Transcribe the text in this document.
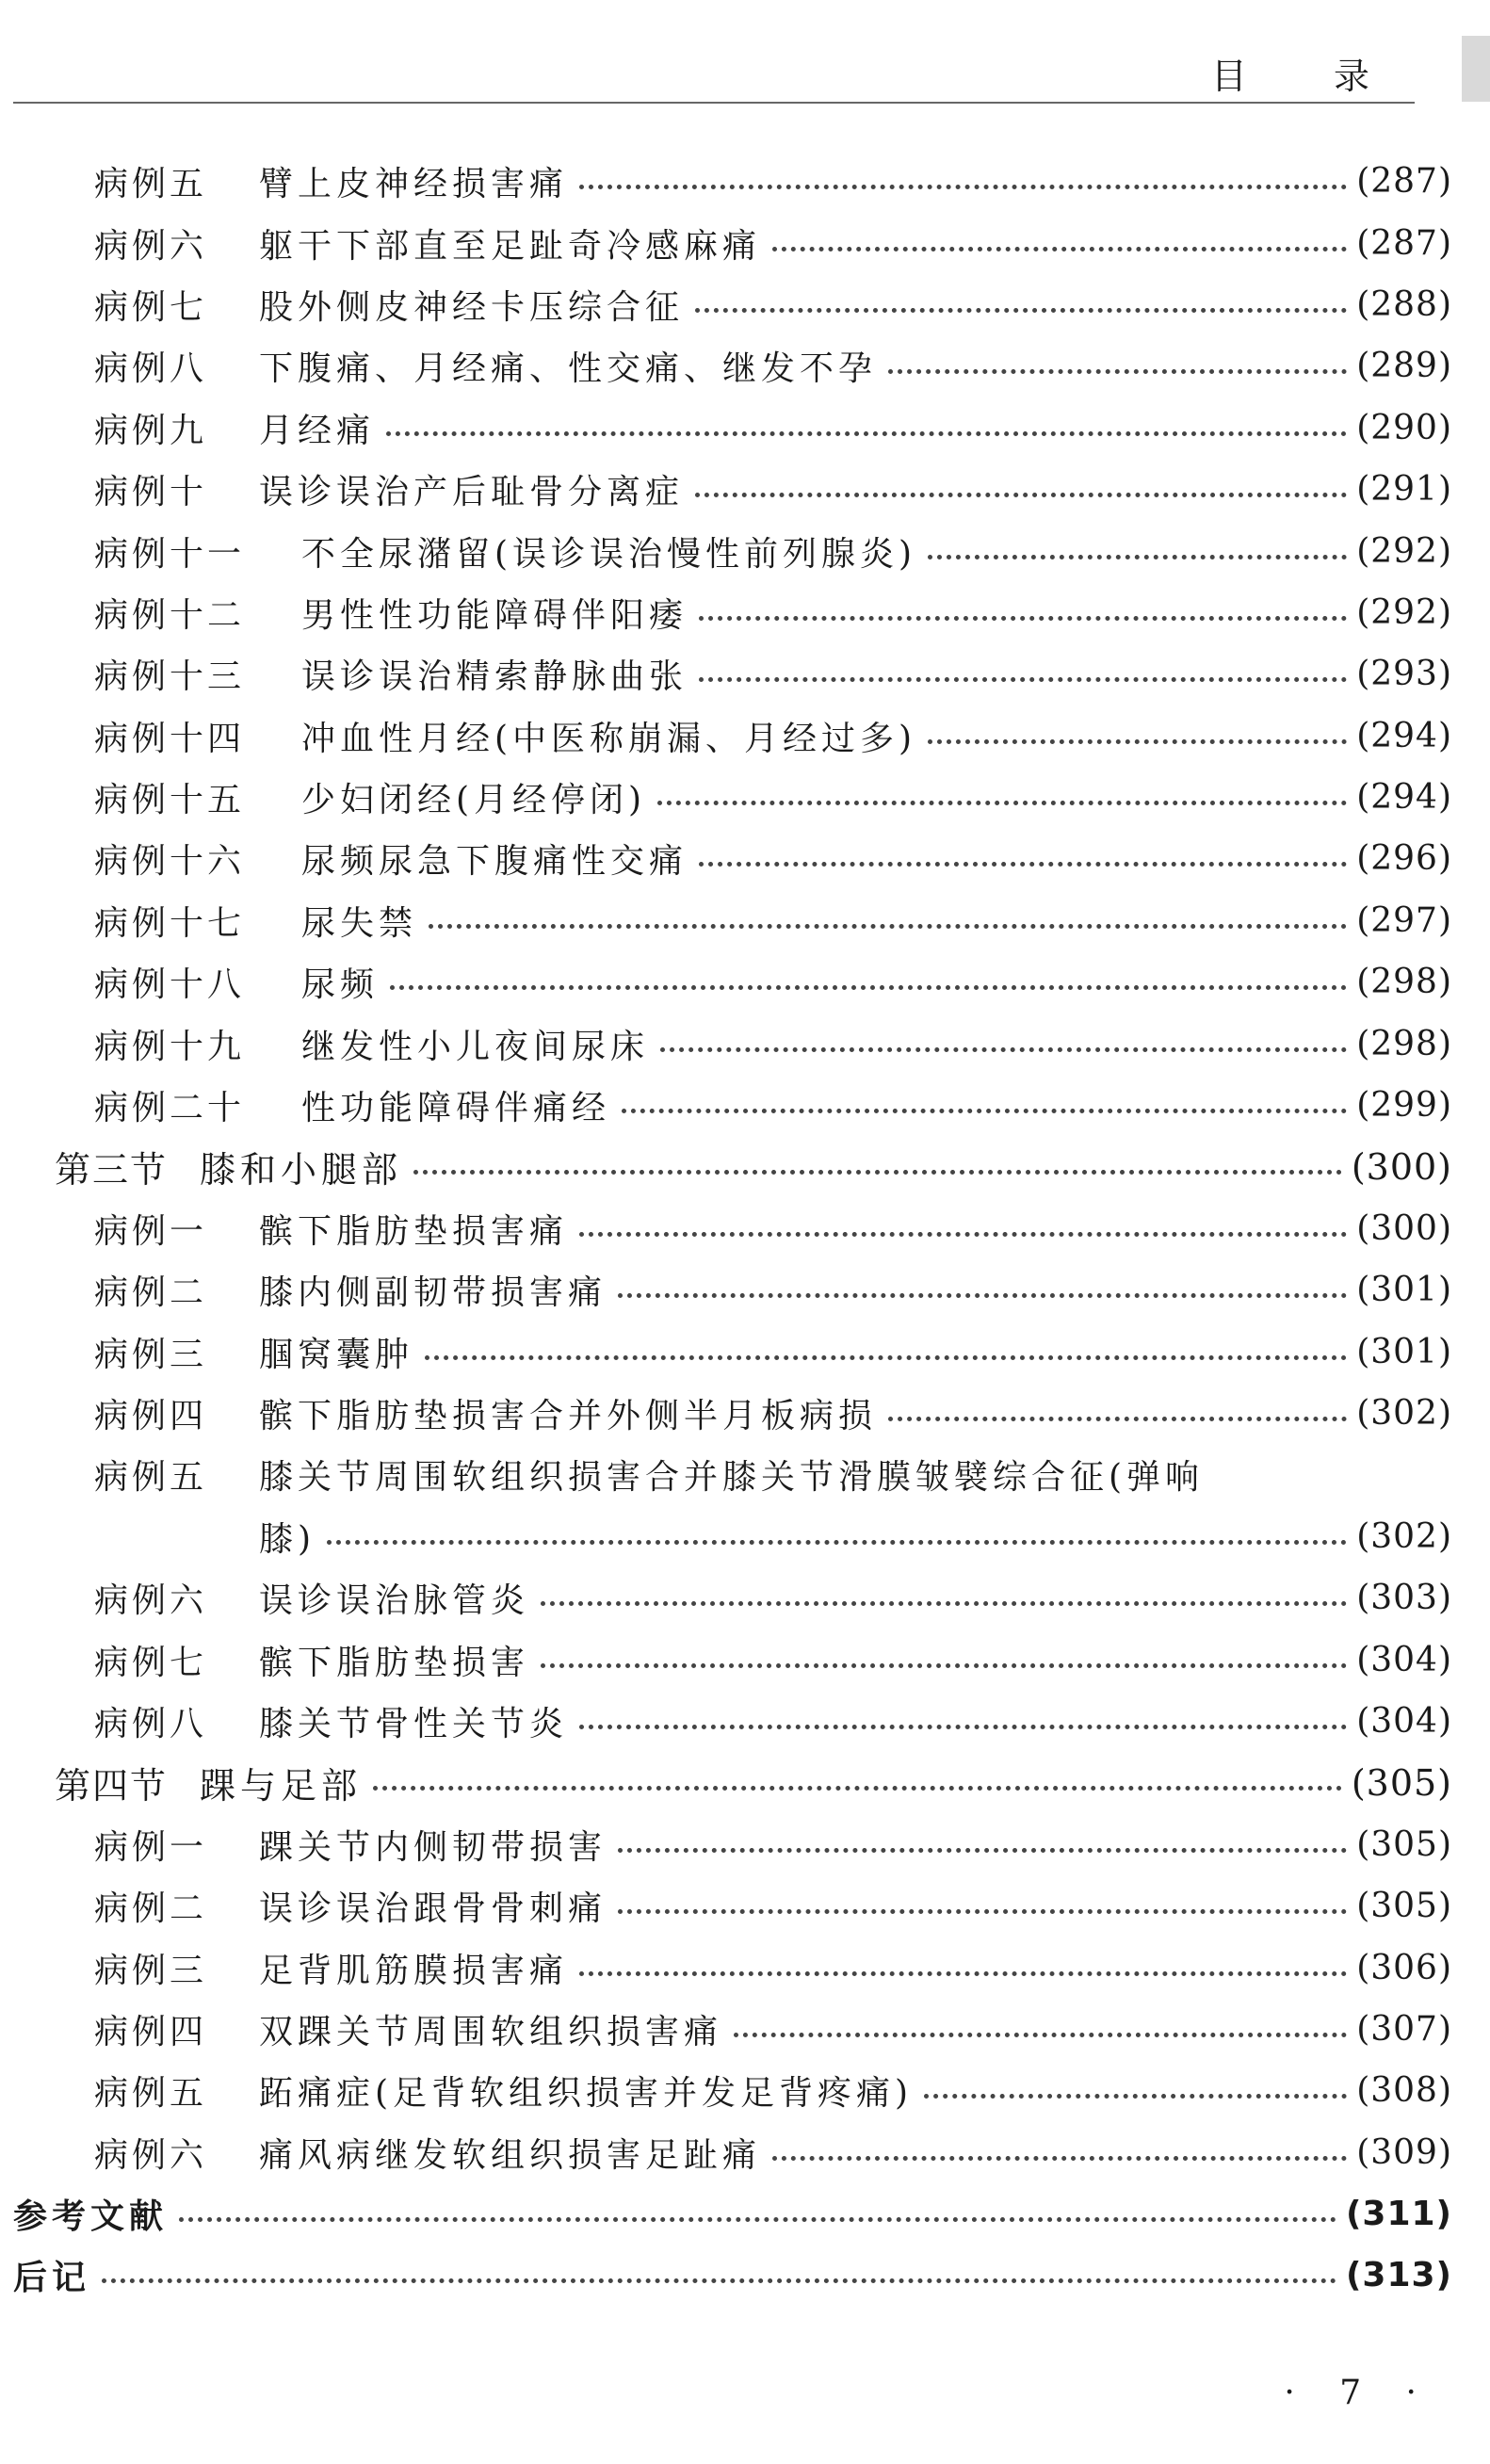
目 录
病例五	臂上皮神经损害痛	(287)
病例六	躯干下部直至足趾奇冷感麻痛	(287)
病例七	股外侧皮神经卡压综合征	(288)
病例八	下腹痛、月经痛、性交痛、继发不孕	(289)
病例九	月经痛	(290)
病例十	误诊误治产后耻骨分离症	(291)
病例十一	不全尿潴留(误诊误治慢性前列腺炎)	(292)
病例十二	男性性功能障碍伴阳痿	(292)
病例十三	误诊误治精索静脉曲张	(293)
病例十四	冲血性月经(中医称崩漏、月经过多)	(294)
病例十五	少妇闭经(月经停闭)	(294)
病例十六	尿频尿急下腹痛性交痛	(296)
病例十七	尿失禁	(297)
病例十八	尿频	(298)
病例十九	继发性小儿夜间尿床	(298)
病例二十	性功能障碍伴痛经	(299)
第三节 膝和小腿部	(300)
病例一	髌下脂肪垫损害痛	(300)
病例二	膝内侧副韧带损害痛	(301)
病例三	腘窝囊肿	(301)
病例四	髌下脂肪垫损害合并外侧半月板病损	(302)
病例五	膝关节周围软组织损害合并膝关节滑膜皱襞综合征(弹响
膝)	(302)
病例六	误诊误治脉管炎	(303)
病例七	髌下脂肪垫损害	(304)
病例八	膝关节骨性关节炎	(304)
第四节 踝与足部	(305)
病例一	踝关节内侧韧带损害	(305)
病例二	误诊误治跟骨骨刺痛	(305)
病例三	足背肌筋膜损害痛	(306)
病例四	双踝关节周围软组织损害痛	(307)
病例五	跖痛症(足背软组织损害并发足背疼痛)	(308)
病例六	痛风病继发软组织损害足趾痛	(309)
参考文献	(311)
后记	(313)
· 7 ·
